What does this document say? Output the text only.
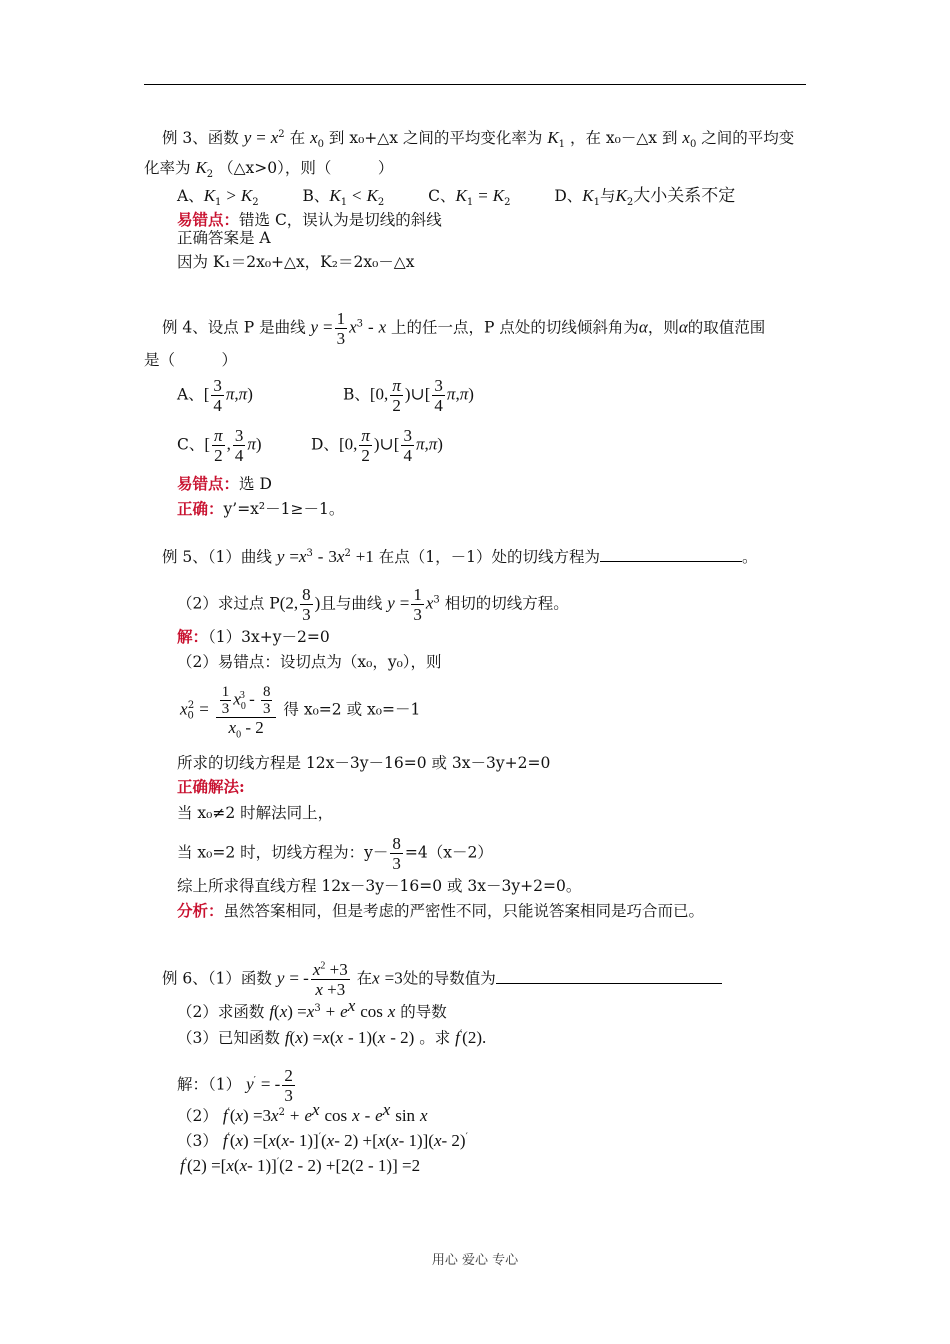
例 3、函数 $y = x^2$ 在 $x_0$ 到 x₀+△x 之间的平均变化率为 $K_1$ ，在 x₀－△x 到 $x_0$ 之间的平均变
化率为 $K_2$ （△x>0），则（　　　）
A、$K_1 > K_2$	B、$K_1 < K_2$	C、$K_1 = K_2$	D、$K_1$与$K_2$大小关系不定
易错点：错选 C，误认为是切线的斜线
正确答案是 A
因为 K₁＝2x₀+△x，K₂＝2x₀－△x
例 4、设点 P 是曲线 $y = \frac{1}{3} x^3 - x$ 上的任一点，P 点处的切线倾斜角为α，则α的取值范围
是（　　　）
A、[ $\frac{3}{4} \pi,\pi$)	B、[0, $\frac{\pi}{2}$ )∪[ $\frac{3}{4} \pi,\pi$)
C、[ $\frac{\pi}{2}$ , $\frac{3}{4} \pi$)	D、[0, $\frac{\pi}{2}$ )∪[ $\frac{3}{4} \pi,\pi$)
易错点：选 D
正确：y’=x²－1≥－1。
例 5、（1）曲线 $y =x^3 - 3x^2 +1$ 在点（1，－1）处的切线方程为	。
（2）求过点 P(2, $\frac{8}{3}$ )且与曲线 $y = \frac{1}{3} x^3$ 相切的切线方程。
解：（1）3x+y－2=0
（2）易错点：设切点为（x₀，y₀），则
$x_0^2 = \frac{\frac{1}{3} x_0^3 - \frac{8}{3}}{x_0 - 2}$ 得 x₀=2 或 x₀=－1
所求的切线方程是 12x－3y－16=0 或 3x－3y+2=0
正确解法:
当 x₀≠2 时解法同上，
当 x₀=2 时，切线方程为：$y- \frac{8}{3} =4(x-2)$
综上所求得直线方程 12x－3y－16=0 或 3x－3y+2=0。
分析：虽然答案相同，但是考虑的严密性不同，只能说答案相同是巧合而已。
例 6、（1）函数 y = - $\frac{x^2 +3}{x +3}$ 在x =3处的导数值为
（2）求函数 $f(x) =x^3 + e^x$ cos x 的导数
（3）已知函数 f(x) =x(x - 1)(x - 2) 。求 f′(2).
解：（1） y′ = - $\frac{2}{3}$
（2） $f'(x) =3x^2 + e^x$ cos x - $e^x$ sin x
（3） f′(x) =[x(x- 1)]′(x- 2) +[x(x- 1)](x- 2)′
f′(2) =[x(x- 1)]′(2 - 2) +[2(2 - 1)] =2
用心 爱心 专心
